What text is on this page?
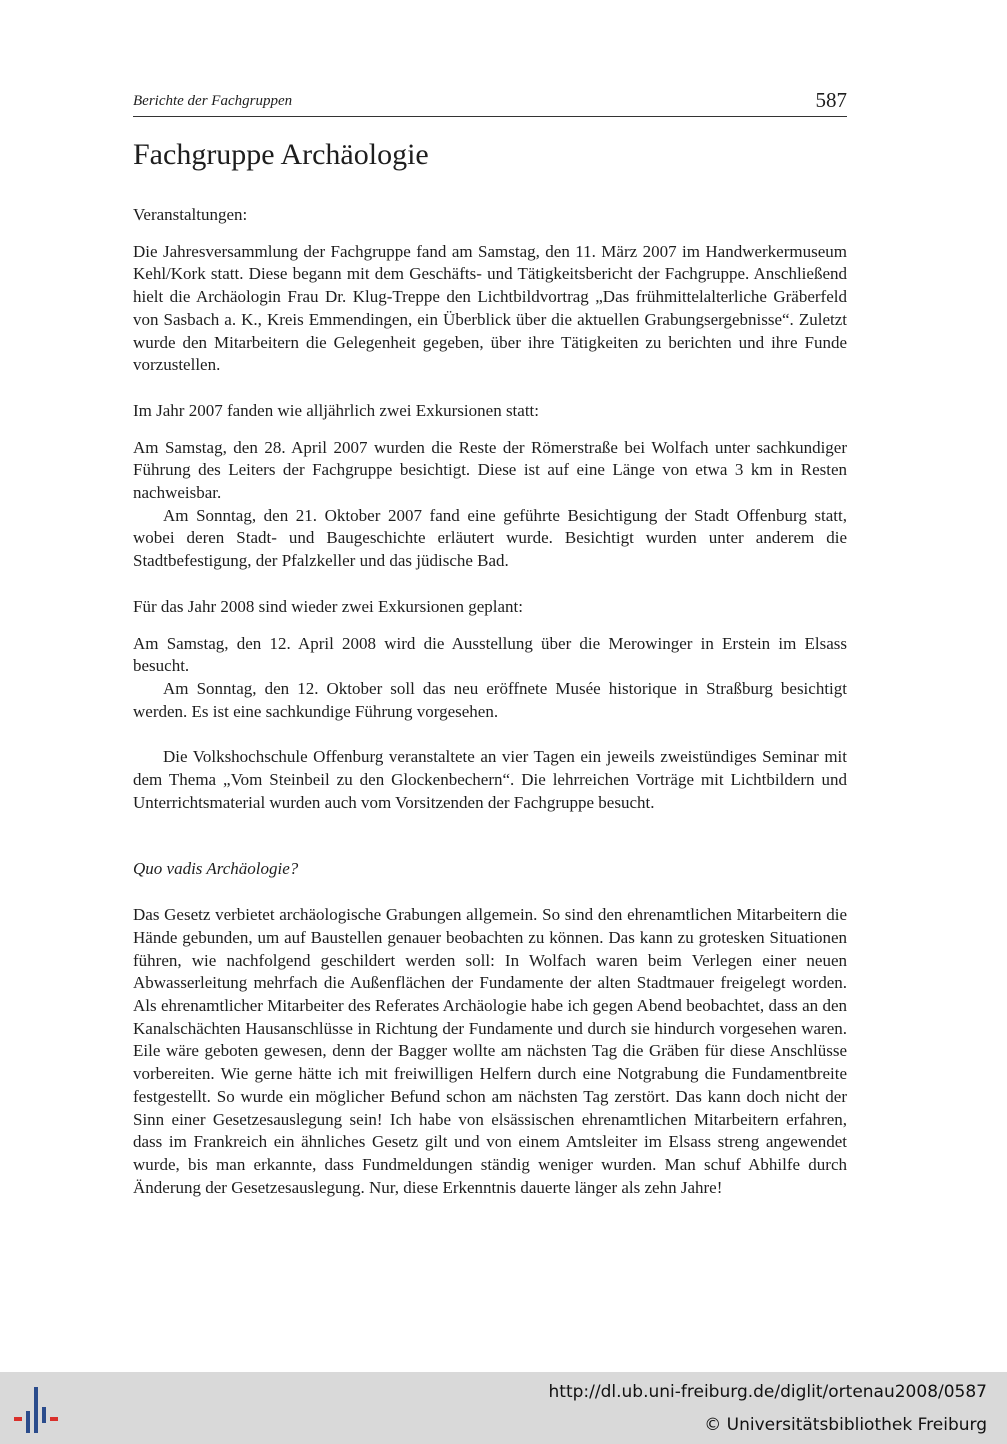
Berichte der Fachgruppen	587
Fachgruppe Archäologie

Veranstaltungen:

Die Jahresversammlung der Fachgruppe fand am Samstag, den 11. März 2007 im Handwerkermuseum Kehl/Kork statt. Diese begann mit dem Geschäfts- und Tätigkeitsbericht der Fachgruppe. Anschließend hielt die Archäologin Frau Dr. Klug-Treppe den Lichtbildvortrag „Das frühmittelalterliche Gräberfeld von Sasbach a. K., Kreis Emmendingen, ein Überblick über die aktuellen Grabungsergebnisse“. Zuletzt wurde den Mitarbeitern die Gelegenheit gegeben, über ihre Tätigkeiten zu berichten und ihre Funde vorzustellen.

Im Jahr 2007 fanden wie alljährlich zwei Exkursionen statt:

Am Samstag, den 28. April 2007 wurden die Reste der Römerstraße bei Wolfach unter sachkundiger Führung des Leiters der Fachgruppe besichtigt. Diese ist auf eine Länge von etwa 3 km in Resten nachweisbar.

Am Sonntag, den 21. Oktober 2007 fand eine geführte Besichtigung der Stadt Offenburg statt, wobei deren Stadt- und Baugeschichte erläutert wurde. Besichtigt wurden unter anderem die Stadtbefestigung, der Pfalzkeller und das jüdische Bad.

Für das Jahr 2008 sind wieder zwei Exkursionen geplant:

Am Samstag, den 12. April 2008 wird die Ausstellung über die Merowinger in Erstein im Elsass besucht.

Am Sonntag, den 12. Oktober soll das neu eröffnete Musée historique in Straßburg besichtigt werden. Es ist eine sachkundige Führung vorgesehen.

Die Volkshochschule Offenburg veranstaltete an vier Tagen ein jeweils zweistündiges Seminar mit dem Thema „Vom Steinbeil zu den Glockenbechern“. Die lehrreichen Vorträge mit Lichtbildern und Unterrichtsmaterial wurden auch vom Vorsitzenden der Fachgruppe besucht.

Quo vadis Archäologie?

Das Gesetz verbietet archäologische Grabungen allgemein. So sind den ehrenamtlichen Mitarbeitern die Hände gebunden, um auf Baustellen genauer beobachten zu können. Das kann zu grotesken Situationen führen, wie nachfolgend geschildert werden soll: In Wolfach waren beim Verlegen einer neuen Abwasserleitung mehrfach die Außenflächen der Fundamente der alten Stadtmauer freigelegt worden. Als ehrenamtlicher Mitarbeiter des Referates Archäologie habe ich gegen Abend beobachtet, dass an den Kanalschächten Hausanschlüsse in Richtung der Fundamente und durch sie hindurch vorgesehen waren. Eile wäre geboten gewesen, denn der Bagger wollte am nächsten Tag die Gräben für diese Anschlüsse vorbereiten. Wie gerne hätte ich mit freiwilligen Helfern durch eine Notgrabung die Fundamentbreite festgestellt. So wurde ein möglicher Befund schon am nächsten Tag zerstört. Das kann doch nicht der Sinn einer Gesetzesauslegung sein! Ich habe von elsässischen ehrenamtlichen Mitarbeitern erfahren, dass im Frankreich ein ähnliches Gesetz gilt und von einem Amtsleiter im Elsass streng angewendet wurde, bis man erkannte, dass Fundmeldungen ständig weniger wurden. Man schuf Abhilfe durch Änderung der Gesetzesauslegung. Nur, diese Erkenntnis dauerte länger als zehn Jahre!

http://dl.ub.uni-freiburg.de/diglit/ortenau2008/0587
© Universitätsbibliothek Freiburg
